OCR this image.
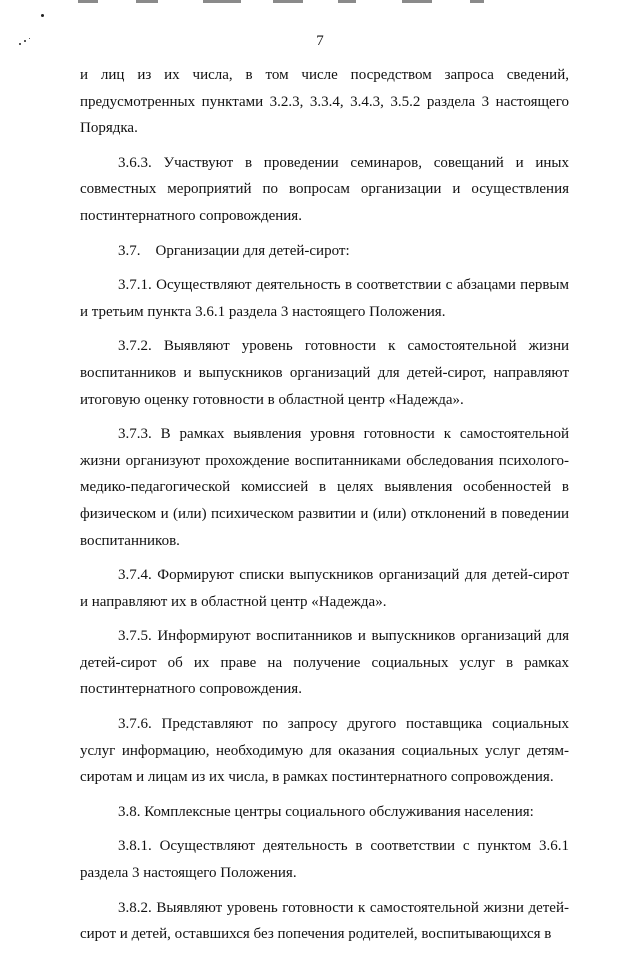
7

и лиц из их числа, в том числе посредством запроса сведений, предусмотренных пунктами 3.2.3, 3.3.4, 3.4.3, 3.5.2 раздела 3 настоящего Порядка.

3.6.3. Участвуют в проведении семинаров, совещаний и иных совместных мероприятий по вопросам организации и осуществления постинтернатного сопровождения.

3.7.    Организации для детей-сирот:

3.7.1. Осуществляют деятельность в соответствии с абзацами первым и третьим пункта 3.6.1 раздела 3 настоящего Положения.

3.7.2. Выявляют уровень готовности к самостоятельной жизни воспитанников и выпускников организаций для детей-сирот, направляют итоговую оценку готовности в областной центр «Надежда».

3.7.3. В рамках выявления уровня готовности к самостоятельной жизни организуют прохождение воспитанниками обследования психолого-медико-педагогической комиссией в целях выявления особенностей в физическом и (или) психическом развитии и (или) отклонений в поведении воспитанников.

3.7.4. Формируют списки выпускников организаций для детей-сирот и направляют их в областной центр «Надежда».

3.7.5. Информируют воспитанников и выпускников организаций для детей-сирот об их праве на получение социальных услуг в рамках постинтернатного сопровождения.

3.7.6. Представляют по запросу другого поставщика социальных услуг информацию, необходимую для оказания социальных услуг детям-сиротам и лицам из их числа, в рамках постинтернатного сопровождения.

3.8. Комплексные центры социального обслуживания населения:

3.8.1. Осуществляют деятельность в соответствии с пунктом 3.6.1 раздела 3 настоящего Положения.

3.8.2. Выявляют уровень готовности к самостоятельной жизни детей-сирот и детей, оставшихся без попечения родителей, воспитывающихся в
